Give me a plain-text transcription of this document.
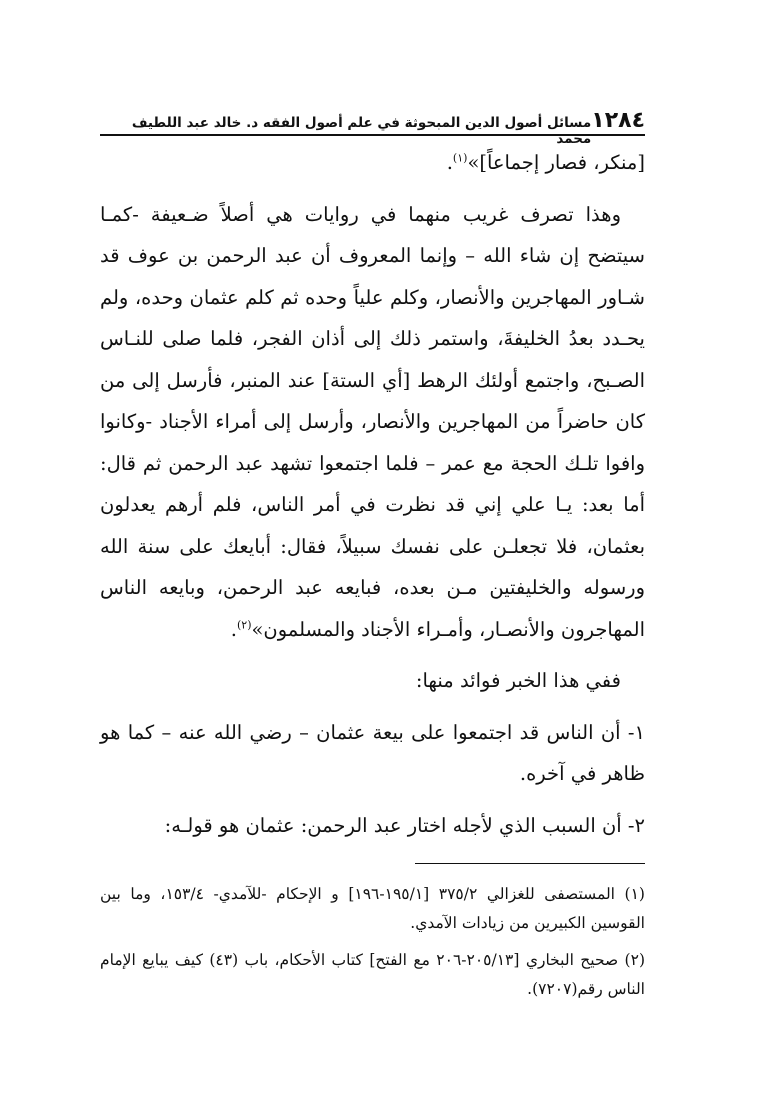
١٢٨٤
مسائل أصول الدين المبحوثة في علم أصول الفقه د. خالد عبد اللطيف محمد

[منكر، فصار إجماعاً]»$^{(١)}$.

وهذا تصرف غريب منهما في روايات هي أصلاً ضـعيفة -كمـا سيتضح إن شاء الله – وإنما المعروف أن عبد الرحمن بن عوف قد شـاور المهاجرين والأنصار، وكلم علياً وحده ثم كلم عثمان وحده، ولم يحـدد بعدُ الخليفةَ، واستمر ذلك إلى أذان الفجر، فلما صلى للنـاس الصـبح، واجتمع أولئك الرهط [أي الستة] عند المنبر، فأرسل إلى من كان حاضراً من المهاجرين والأنصار، وأرسل إلى أمراء الأجناد -وكانوا وافوا تلـك الحجة مع عمر – فلما اجتمعوا تشهد عبد الرحمن ثم قال: أما بعد: يـا علي إني قد نظرت في أمر الناس، فلم أرهم يعدلون بعثمان، فلا تجعلـن على نفسك سبيلاً، فقال: أبايعك على سنة الله ورسوله والخليفتين مـن بعده، فبايعه عبد الرحمن، وبايعه الناس المهاجرون والأنصـار، وأمـراء الأجناد والمسلمون»$^{(٢)}$.

ففي هذا الخبر فوائد منها:

١- أن الناس قد اجتمعوا على بيعة عثمان – رضي الله عنه – كما هو ظاهر في آخره.

٢- أن السبب الذي لأجله اختار عبد الرحمن: عثمان هو قولـه:

(١) المستصفى للغزالي ٣٧٥/٢ [١٩٥/١-١٩٦] و الإحكام -للآمدي- ١٥٣/٤، وما بين القوسين الكبيرين من زيادات الآمدي.

(٢) صحيح البخاري [٢٠٥/١٣-٢٠٦ مع الفتح] كتاب الأحكام، باب (٤٣) كيف يبايع الإمام الناس رقم(٧٢٠٧).
